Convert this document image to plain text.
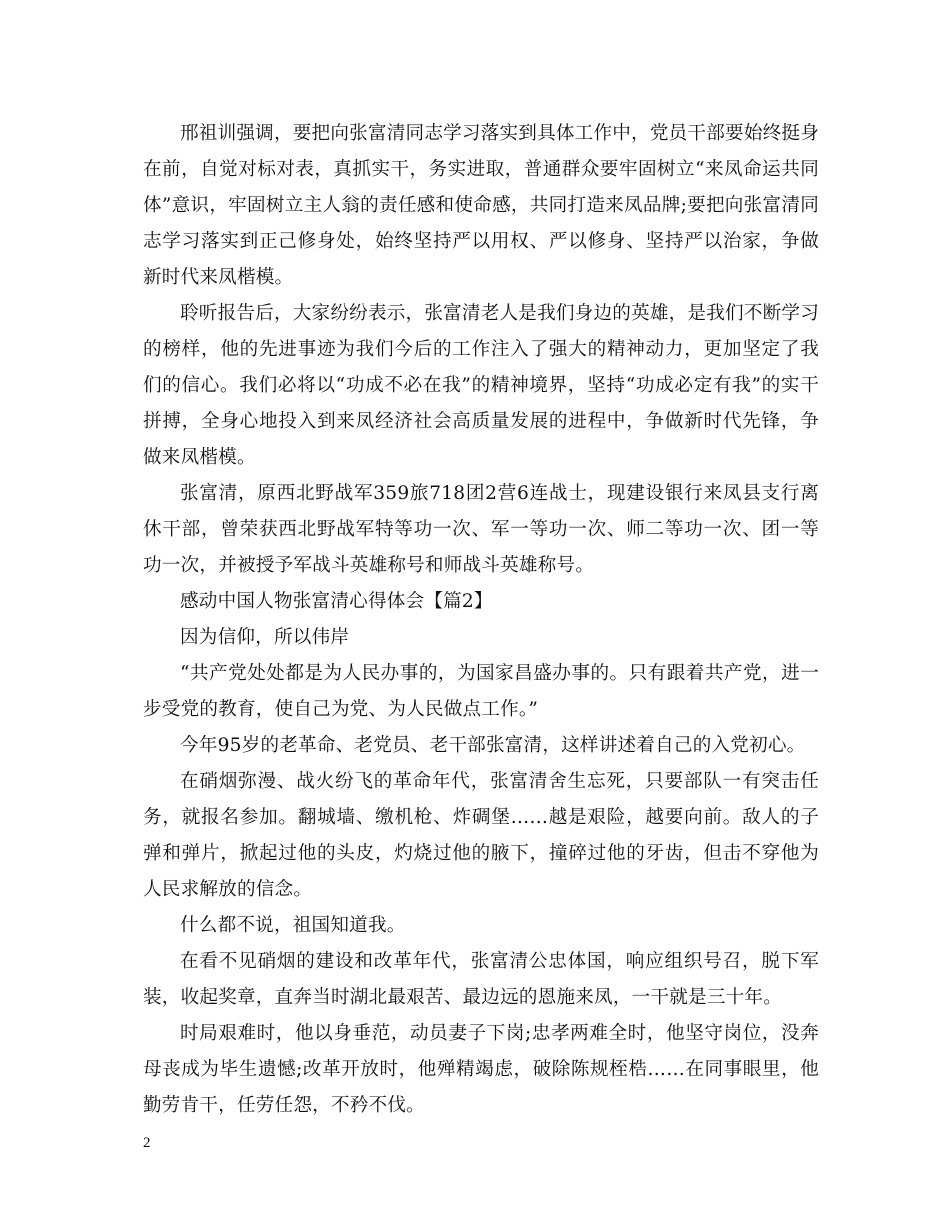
邢祖训强调，要把向张富清同志学习落实到具体工作中，党员干部要始终挺身在前，自觉对标对表，真抓实干，务实进取，普通群众要牢固树立“来凤命运共同体”意识，牢固树立主人翁的责任感和使命感，共同打造来凤品牌;要把向张富清同志学习落实到正己修身处，始终坚持严以用权、严以修身、坚持严以治家，争做新时代来凤楷模。

聆听报告后，大家纷纷表示，张富清老人是我们身边的英雄，是我们不断学习的榜样，他的先进事迹为我们今后的工作注入了强大的精神动力，更加坚定了我们的信心。我们必将以“功成不必在我”的精神境界，坚持“功成必定有我”的实干拼搏，全身心地投入到来凤经济社会高质量发展的进程中，争做新时代先锋，争做来凤楷模。

张富清，原西北野战军359旅718团2营6连战士，现建设银行来凤县支行离休干部，曾荣获西北野战军特等功一次、军一等功一次、师二等功一次、团一等功一次，并被授予军战斗英雄称号和师战斗英雄称号。

感动中国人物张富清心得体会【篇2】

因为信仰，所以伟岸

“共产党处处都是为人民办事的，为国家昌盛办事的。只有跟着共产党，进一步受党的教育，使自己为党、为人民做点工作。”

今年95岁的老革命、老党员、老干部张富清，这样讲述着自己的入党初心。

在硝烟弥漫、战火纷飞的革命年代，张富清舍生忘死，只要部队一有突击任务，就报名参加。翻城墙、缴机枪、炸碉堡……越是艰险，越要向前。敌人的子弹和弹片，掀起过他的头皮，灼烧过他的腋下，撞碎过他的牙齿，但击不穿他为人民求解放的信念。

什么都不说，祖国知道我。

在看不见硝烟的建设和改革年代，张富清公忠体国，响应组织号召，脱下军装，收起奖章，直奔当时湖北最艰苦、最边远的恩施来凤，一干就是三十年。

时局艰难时，他以身垂范，动员妻子下岗;忠孝两难全时，他坚守岗位，没奔母丧成为毕生遗憾;改革开放时，他殚精竭虑，破除陈规桎梏……在同事眼里，他勤劳肯干，任劳任怨，不矜不伐。

2
